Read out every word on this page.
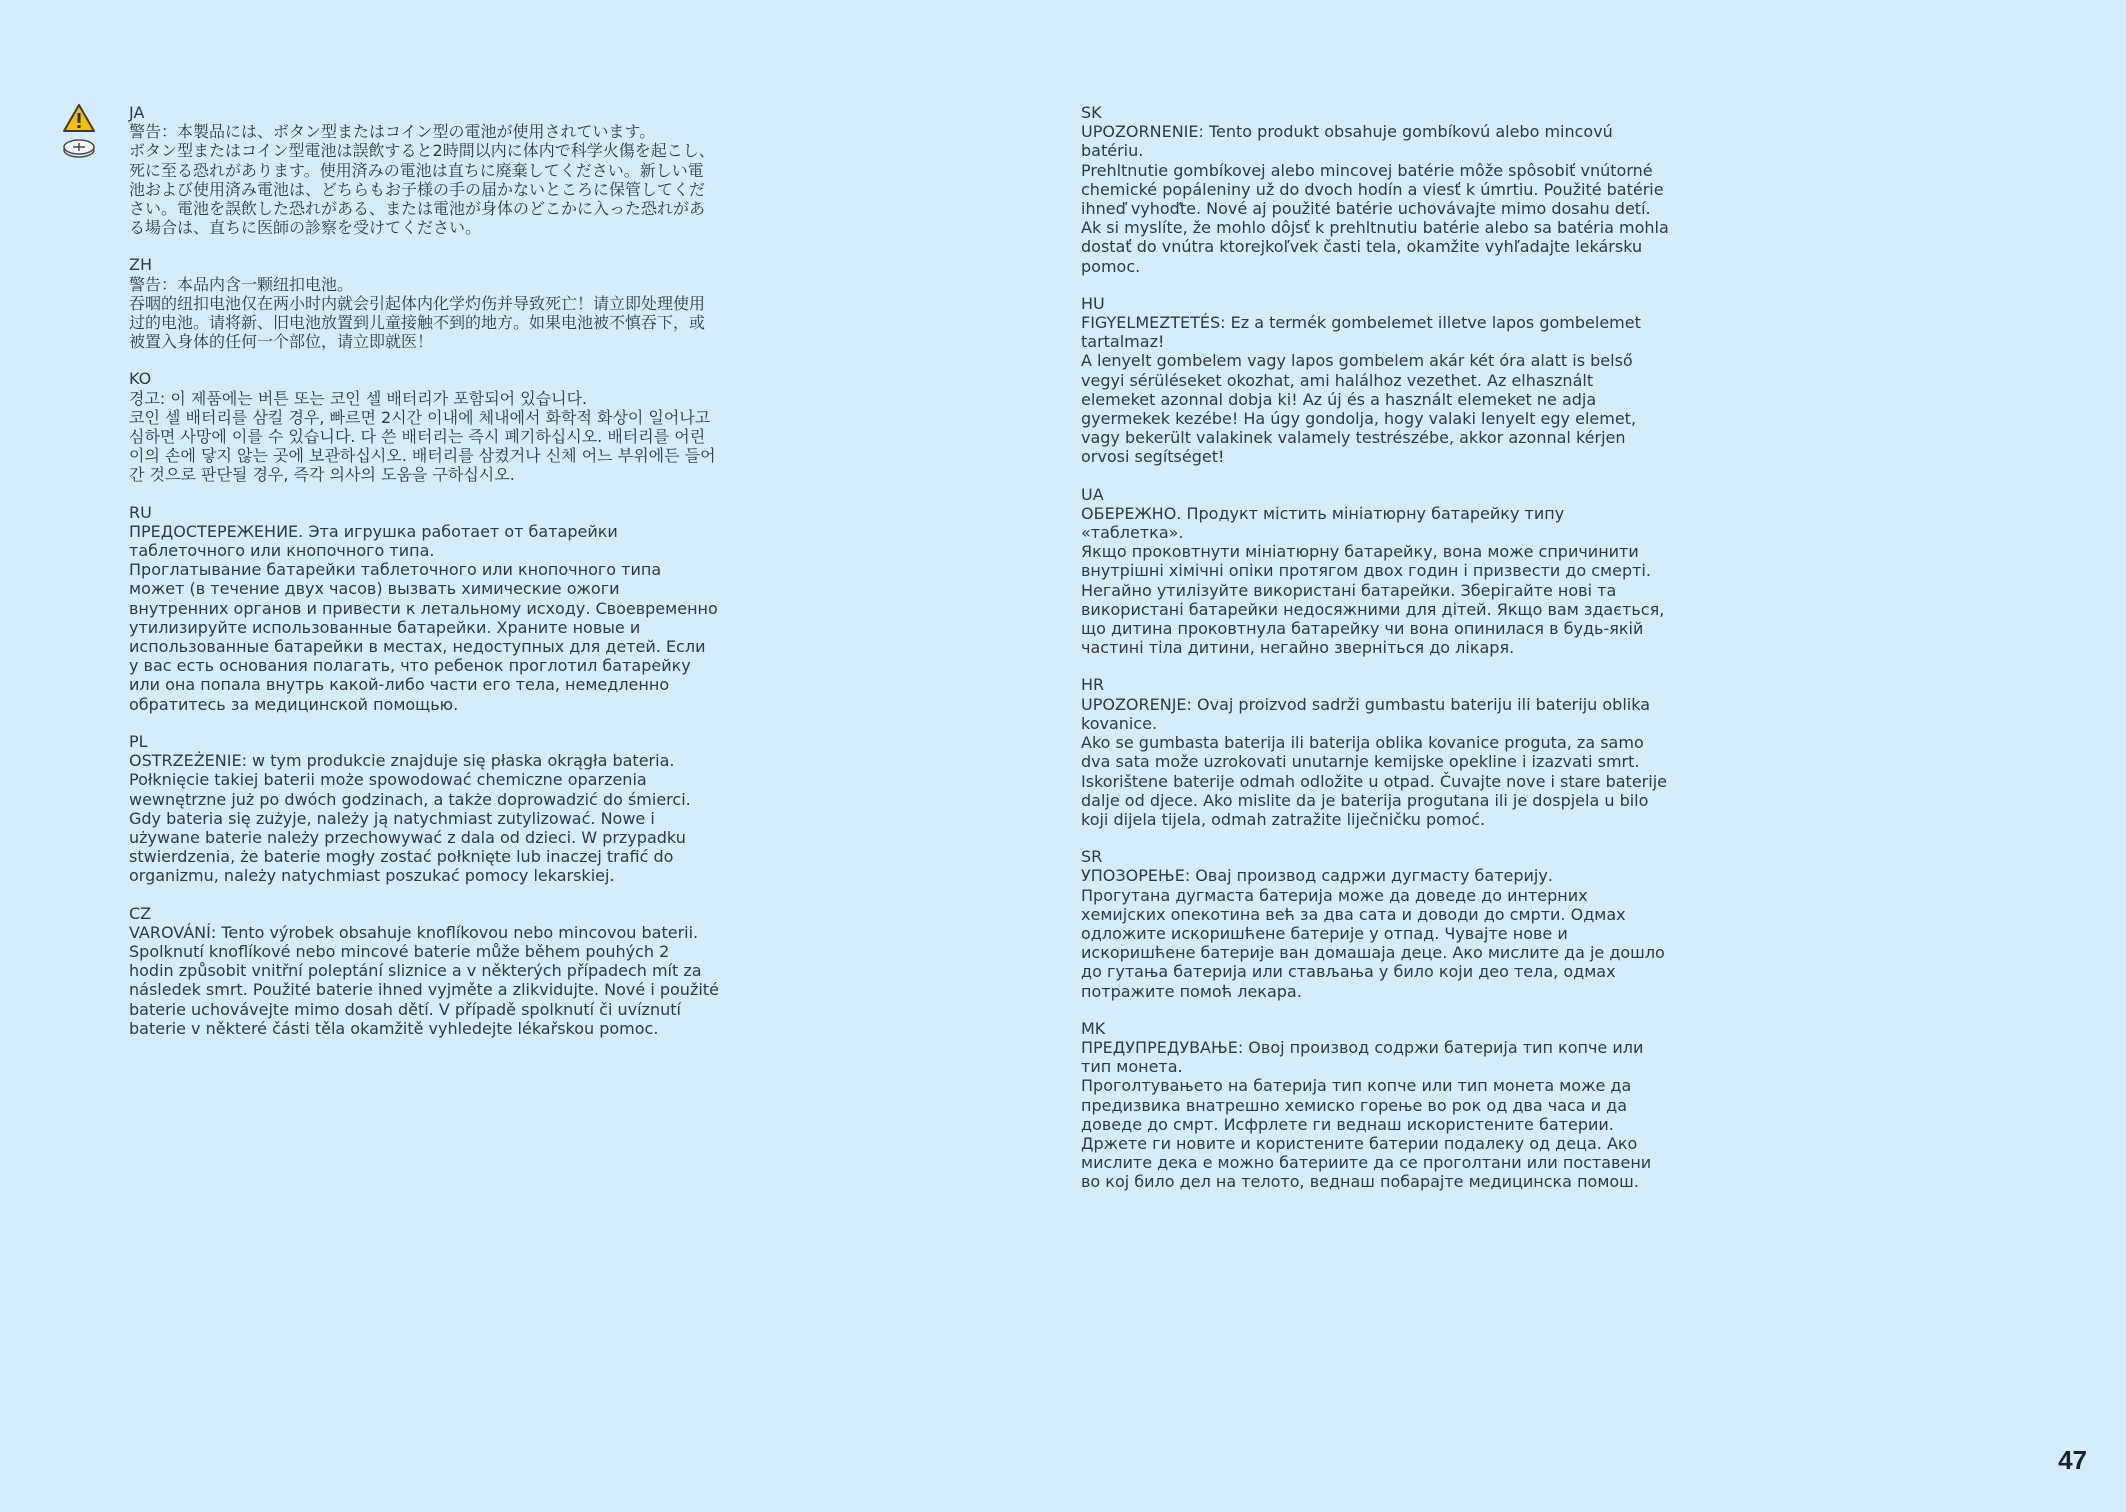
JA

警告：本製品には、ボタン型またはコイン型の電池が使用されています。

ボタン型またはコイン型電池は誤飲すると2時間以内に体内で科学火傷を起こし、死に至る恐れがあります。使用済みの電池は直ちに廃棄してください。新しい電池および使用済み電池は、どちらもお子様の手の届かないところに保管してください。電池を誤飲した恐れがある、または電池が身体のどこかに入った恐れがある場合は、直ちに医師の診察を受けてください。

ZH

警告：本品内含一颗纽扣电池。

吞咽的纽扣电池仅在两小时内就会引起体内化学灼伤并导致死亡！请立即处理使用过的电池。请将新、旧电池放置到儿童接触不到的地方。如果电池被不慎吞下，或被置入身体的任何一个部位，请立即就医！

KO

경고: 이 제품에는 버튼 또는 코인 셀 배터리가 포함되어 있습니다.

코인 셀 배터리를 삼킬 경우, 빠르면 2시간 이내에 체내에서 화학적 화상이 일어나고 심하면 사망에 이를 수 있습니다. 다 쓴 배터리는 즉시 폐기하십시오. 배터리를 어린이의 손에 닿지 않는 곳에 보관하십시오. 배터리를 삼켰거나 신체 어느 부위에든 들어간 것으로 판단될 경우, 즉각 의사의 도움을 구하십시오.

RU

ПРЕДОСТЕРЕЖЕНИЕ. Эта игрушка работает от батарейки таблеточного или кнопочного типа.

Проглатывание батарейки таблеточного или кнопочного типа может (в течение двух часов) вызвать химические ожоги внутренних органов и привести к летальному исходу. Своевременно утилизируйте использованные батарейки. Храните новые и использованные батарейки в местах, недоступных для детей. Если у вас есть основания полагать, что ребенок проглотил батарейку или она попала внутрь какой-либо части его тела, немедленно обратитесь за медицинской помощью.

PL

OSTRZEŻENIE: w tym produkcie znajduje się płaska okrągła bateria.

Połknięcie takiej baterii może spowodować chemiczne oparzenia wewnętrzne już po dwóch godzinach, a także doprowadzić do śmierci. Gdy bateria się zużyje, należy ją natychmiast zutylizować. Nowe i używane baterie należy przechowywać z dala od dzieci. W przypadku stwierdzenia, że baterie mogły zostać połknięte lub inaczej trafić do organizmu, należy natychmiast poszukać pomocy lekarskiej.

CZ

VAROVÁNÍ: Tento výrobek obsahuje knoflíkovou nebo mincovou baterii.

Spolknutí knoflíkové nebo mincové baterie může během pouhých 2 hodin způsobit vnitřní poleptání sliznice a v některých případech mít za následek smrt. Použité baterie ihned vyjměte a zlikvidujte. Nové i použité baterie uchovávejte mimo dosah dětí. V případě spolknutí či uvíznutí baterie v některé části těla okamžitě vyhledejte lékařskou pomoc.

SK

UPOZORNENIE: Tento produkt obsahuje gombíkovú alebo mincovú batériu.

Prehltnutie gombíkovej alebo mincovej batérie môže spôsobiť vnútorné chemické popáleniny už do dvoch hodín a viesť k úmrtiu. Použité batérie ihneď vyhoďte. Nové aj použité batérie uchovávajte mimo dosahu detí. Ak si myslíte, že mohlo dôjsť k prehltnutiu batérie alebo sa batéria mohla dostať do vnútra ktorejkoľvek časti tela, okamžite vyhľadajte lekársku pomoc.

HU

FIGYELMEZTETÉS: Ez a termék gombelemet illetve lapos gombelemet tartalmaz!

A lenyelt gombelem vagy lapos gombelem akár két óra alatt is belső vegyi sérüléseket okozhat, ami halálhoz vezethet. Az elhasznált elemeket azonnal dobja ki! Az új és a használt elemeket ne adja gyermekek kezébe! Ha úgy gondolja, hogy valaki lenyelt egy elemet, vagy bekerült valakinek valamely testrészébe, akkor azonnal kérjen orvosi segítséget!

UA

ОБЕРЕЖНО. Продукт містить мініатюрну батарейку типу «таблетка».

Якщо проковтнути мініатюрну батарейку, вона може спричинити внутрішні хімічні опіки протягом двох годин і призвести до смерті. Негайно утилізуйте використані батарейки. Зберігайте нові та використані батарейки недосяжними для дітей. Якщо вам здається, що дитина проковтнула батарейку чи вона опинилася в будь-якій частині тіла дитини, негайно зверніться до лікаря.

HR

UPOZORENJE: Ovaj proizvod sadrži gumbastu bateriju ili bateriju oblika kovanice.

Ako se gumbasta baterija ili baterija oblika kovanice proguta, za samo dva sata može uzrokovati unutarnje kemijske opekline i izazvati smrt. Iskorištene baterije odmah odložite u otpad. Čuvajte nove i stare baterije dalje od djece. Ako mislite da je baterija progutana ili je dospjela u bilo koji dijela tijela, odmah zatražite liječničku pomoć.

SR

УПОЗОРЕЊЕ: Овај производ садржи дугмасту батерију.

Прогутана дугмаста батерија може да доведе до интерних хемијских опекотина већ за два сата и доводи до смрти. Одмах одложите искоришћене батерије у отпад. Чувајте нове и искоришћене батерије ван домашаја деце. Ако мислите да је дошло до гутања батерија или стављања у било који део тела, одмах потражите помоћ лекара.

MK

ПРЕДУПРЕДУВАЊЕ: Овој производ содржи батерија тип копче или тип монета.

Проголтувањето на батерија тип копче или тип монета може да предизвика внатрешно хемиско горење во рок од два часа и да доведе до смрт. Исфрлете ги веднаш искористените батерии. Држете ги новите и користените батерии подалеку од деца. Ако мислите дека е можно батериите да се проголтани или поставени во кој било дел на телото, веднаш побарајте медицинска помош.

47
